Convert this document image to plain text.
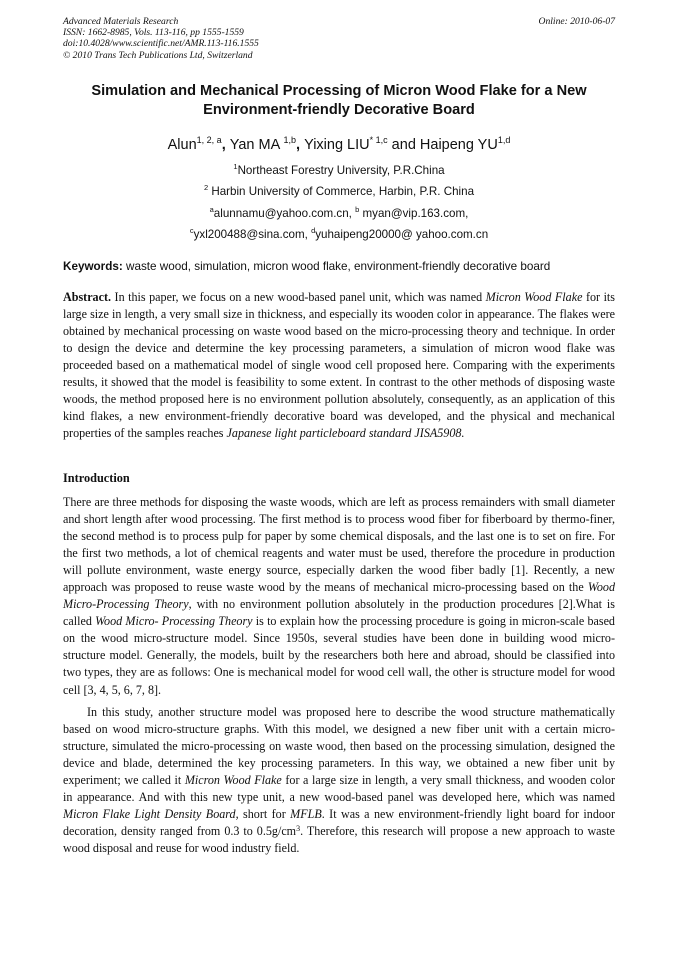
Advanced Materials Research
ISSN: 1662-8985, Vols. 113-116, pp 1555-1559
doi:10.4028/www.scientific.net/AMR.113-116.1555
© 2010 Trans Tech Publications Ltd, Switzerland
Online: 2010-06-07
Simulation and Mechanical Processing of Micron Wood Flake for a New Environment-friendly Decorative Board
Alun$^{1, 2, a}$, Yan MA $^{1,b}$, Yixing LIU$^{* 1,c}$ and Haipeng YU$^{1,d}$
$^1$Northeast Forestry University, P.R.China
$^2$ Harbin University of Commerce, Harbin, P.R. China
$^a$alunnamu@yahoo.com.cn, $^b$ myan@vip.163.com,
$^c$yxl200488@sina.com, $^d$yuhaipeng20000@ yahoo.com.cn
Keywords: waste wood, simulation, micron wood flake, environment-friendly decorative board
Abstract. In this paper, we focus on a new wood-based panel unit, which was named Micron Wood Flake for its large size in length, a very small size in thickness, and especially its wooden color in appearance. The flakes were obtained by mechanical processing on waste wood based on the micro-processing theory and technique. In order to design the device and determine the key processing parameters, a simulation of micron wood flake was proceeded based on a mathematical model of single wood cell proposed here. Comparing with the experiments results, it showed that the model is feasibility to some extent. In contrast to the other methods of disposing waste woods, the method proposed here is no environment pollution absolutely, consequently, as an application of this kind flakes, a new environment-friendly decorative board was developed, and the physical and mechanical properties of the samples reaches Japanese light particleboard standard JISA5908.
Introduction
There are three methods for disposing the waste woods, which are left as process remainders with small diameter and short length after wood processing. The first method is to process wood fiber for fiberboard by thermo-finer, the second method is to process pulp for paper by some chemical disposals, and the last one is to set on fire. For the first two methods, a lot of chemical reagents and water must be used, therefore the procedure in production will pollute environment, waste energy source, especially darken the wood fiber badly [1]. Recently, a new approach was proposed to reuse waste wood by the means of mechanical micro-processing based on the Wood Micro-Processing Theory, with no environment pollution absolutely in the production procedures [2].What is called Wood Micro- Processing Theory is to explain how the processing procedure is going in micron-scale based on the wood micro-structure model. Since 1950s, several studies have been done in building wood micro-structure model. Generally, the models, built by the researchers both here and abroad, should be classified into two types, they are as follows: One is mechanical model for wood cell wall, the other is structure model for wood cell [3, 4, 5, 6, 7, 8].
In this study, another structure model was proposed here to describe the wood structure mathematically based on wood micro-structure graphs. With this model, we designed a new fiber unit with a certain micro-structure, simulated the micro-processing on waste wood, then based on the processing simulation, designed the device and blade, determined the key processing parameters. In this way, we obtained a new fiber unit by experiment; we called it Micron Wood Flake for a large size in length, a very small thickness, and wooden color in appearance. And with this new type unit, a new wood-based panel was developed here, which was named Micron Flake Light Density Board, short for MFLB. It was a new environment-friendly light board for indoor decoration, density ranged from 0.3 to $0.5g/cm^3$. Therefore, this research will propose a new approach to waste wood disposal and reuse for wood industry field.
